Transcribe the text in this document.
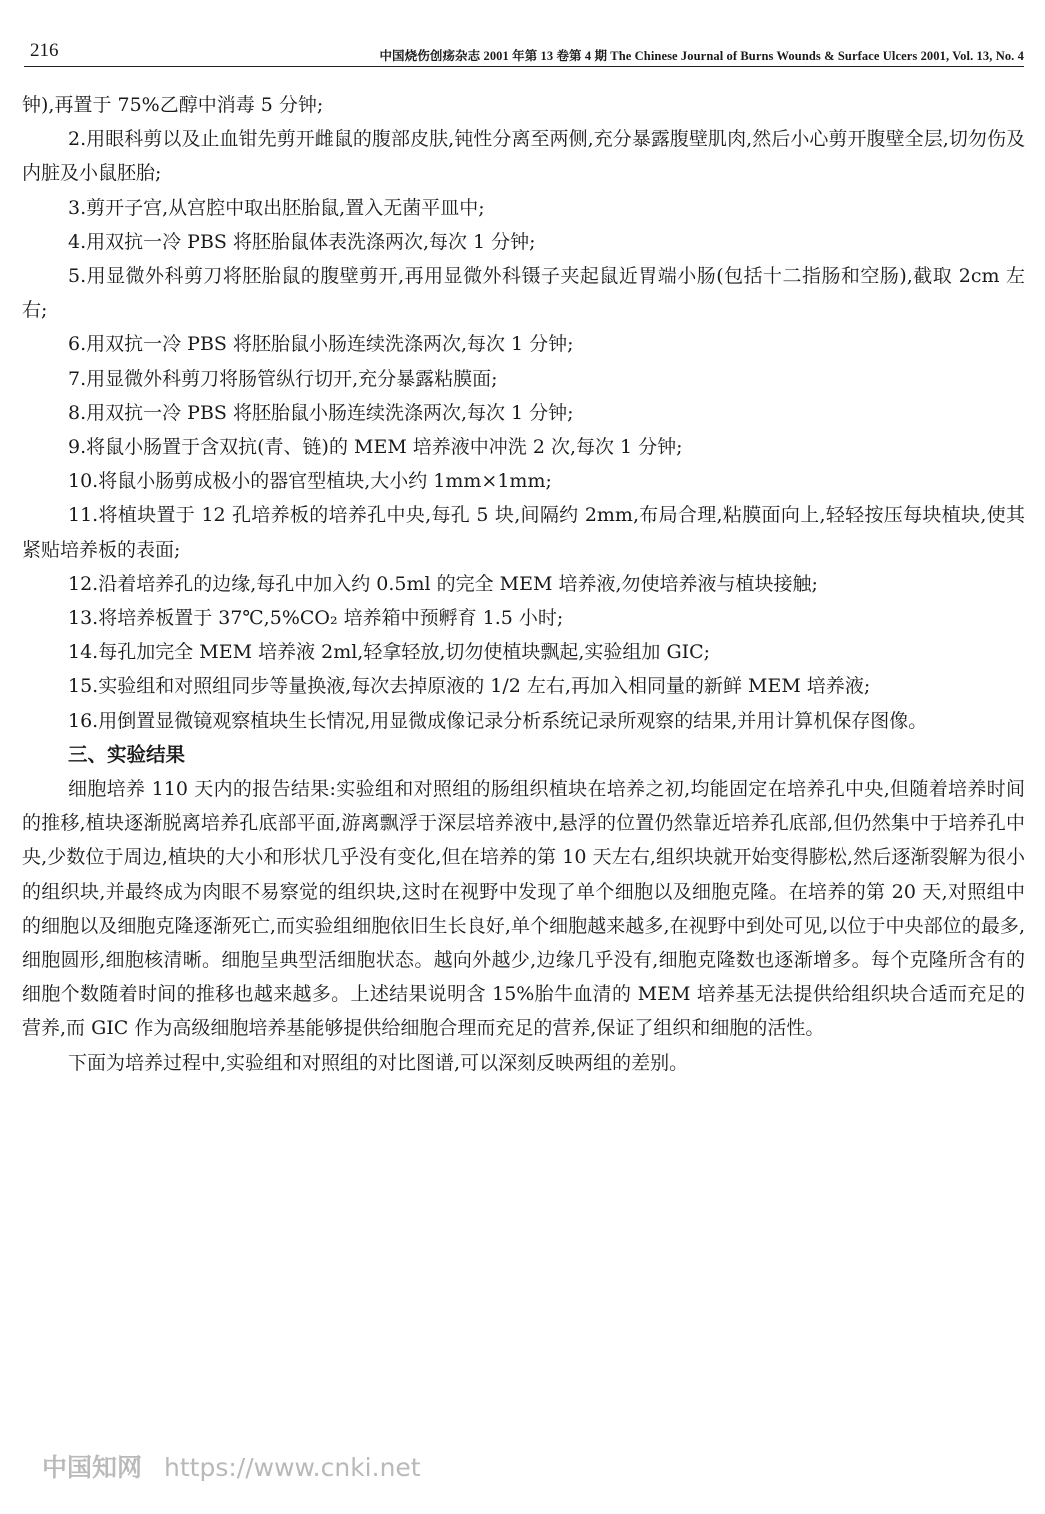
216	中国烧伤创疡杂志 2001 年第 13 卷第 4 期 The Chinese Journal of Burns Wounds & Surface Ulcers 2001, Vol. 13, No. 4

钟),再置于 75%乙醇中消毒 5 分钟;

2.用眼科剪以及止血钳先剪开雌鼠的腹部皮肤,钝性分离至两侧,充分暴露腹壁肌肉,然后小心剪开腹壁全层,切勿伤及内脏及小鼠胚胎;

3.剪开子宫,从宫腔中取出胚胎鼠,置入无菌平皿中;

4.用双抗一冷 PBS 将胚胎鼠体表洗涤两次,每次 1 分钟;

5.用显微外科剪刀将胚胎鼠的腹壁剪开,再用显微外科镊子夹起鼠近胃端小肠(包括十二指肠和空肠),截取 2cm 左右;

6.用双抗一冷 PBS 将胚胎鼠小肠连续洗涤两次,每次 1 分钟;

7.用显微外科剪刀将肠管纵行切开,充分暴露粘膜面;

8.用双抗一冷 PBS 将胚胎鼠小肠连续洗涤两次,每次 1 分钟;

9.将鼠小肠置于含双抗(青、链)的 MEM 培养液中冲洗 2 次,每次 1 分钟;

10.将鼠小肠剪成极小的器官型植块,大小约 1mm×1mm;

11.将植块置于 12 孔培养板的培养孔中央,每孔 5 块,间隔约 2mm,布局合理,粘膜面向上,轻轻按压每块植块,使其紧贴培养板的表面;

12.沿着培养孔的边缘,每孔中加入约 0.5ml 的完全 MEM 培养液,勿使培养液与植块接触;

13.将培养板置于 37℃,5%CO₂ 培养箱中预孵育 1.5 小时;

14.每孔加完全 MEM 培养液 2ml,轻拿轻放,切勿使植块飘起,实验组加 GIC;

15.实验组和对照组同步等量换液,每次去掉原液的 1/2 左右,再加入相同量的新鲜 MEM 培养液;

16.用倒置显微镜观察植块生长情况,用显微成像记录分析系统记录所观察的结果,并用计算机保存图像。

三、实验结果

细胞培养 110 天内的报告结果:实验组和对照组的肠组织植块在培养之初,均能固定在培养孔中央,但随着培养时间的推移,植块逐渐脱离培养孔底部平面,游离飘浮于深层培养液中,悬浮的位置仍然靠近培养孔底部,但仍然集中于培养孔中央,少数位于周边,植块的大小和形状几乎没有变化,但在培养的第 10 天左右,组织块就开始变得膨松,然后逐渐裂解为很小的组织块,并最终成为肉眼不易察觉的组织块,这时在视野中发现了单个细胞以及细胞克隆。在培养的第 20 天,对照组中的细胞以及细胞克隆逐渐死亡,而实验组细胞依旧生长良好,单个细胞越来越多,在视野中到处可见,以位于中央部位的最多,细胞圆形,细胞核清晰。细胞呈典型活细胞状态。越向外越少,边缘几乎没有,细胞克隆数也逐渐增多。每个克隆所含有的细胞个数随着时间的推移也越来越多。上述结果说明含 15%胎牛血清的 MEM 培养基无法提供给组织块合适而充足的营养,而 GIC 作为高级细胞培养基能够提供给细胞合理而充足的营养,保证了组织和细胞的活性。

下面为培养过程中,实验组和对照组的对比图谱,可以深刻反映两组的差别。

中国知网 https://www.cnki.net
